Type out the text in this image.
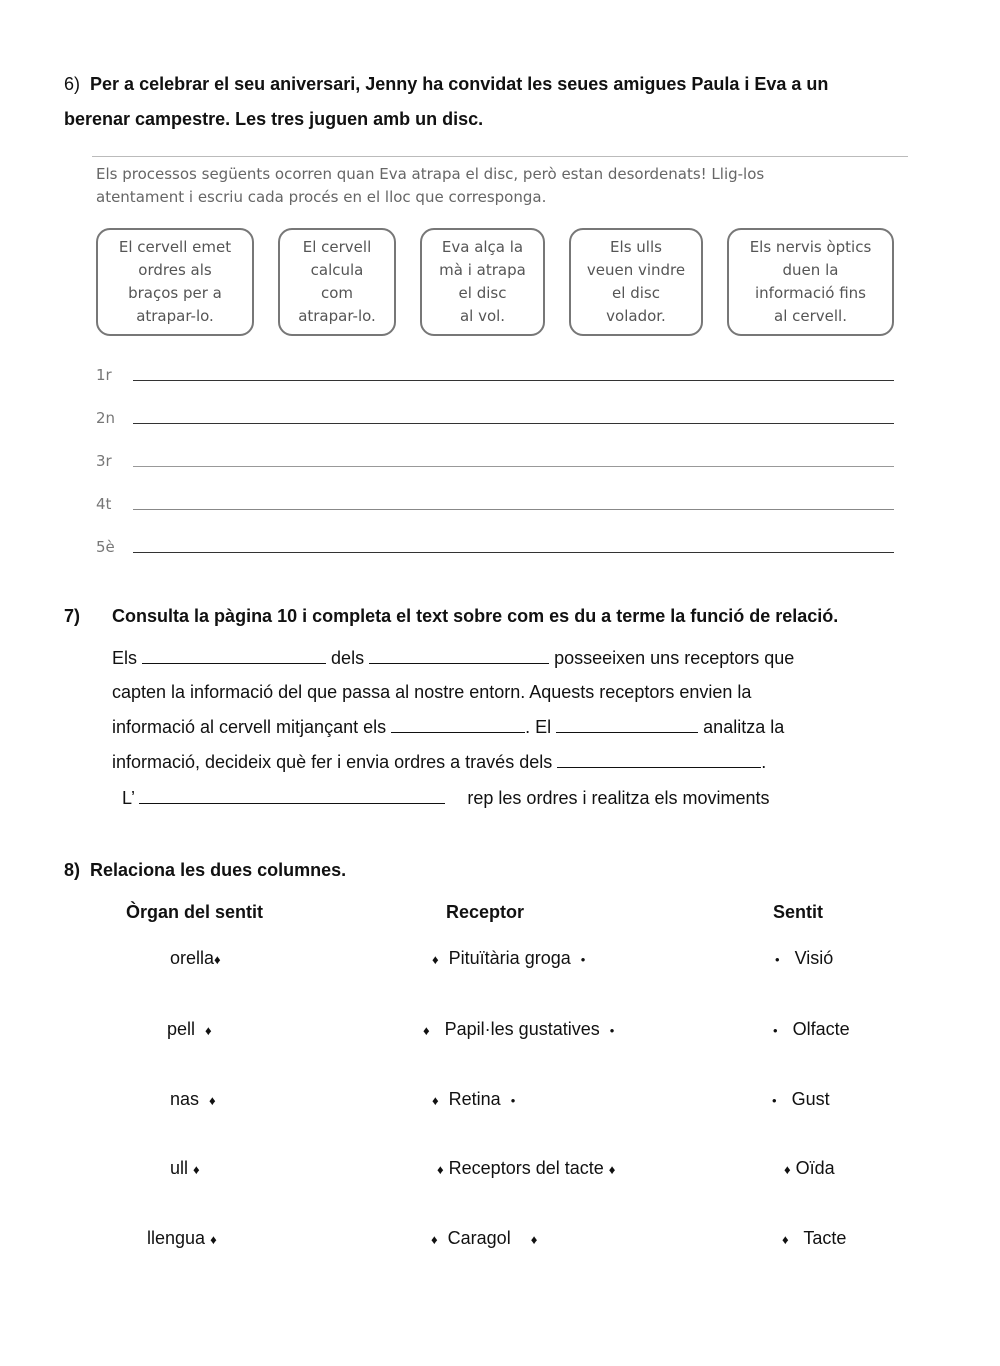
6) Per a celebrar el seu aniversari, Jenny ha convidat les seues amigues Paula i Eva a un
berenar campestre. Les tres juguen amb un disc.
Els processos següents ocorren quan Eva atrapa el disc, però estan desordenats! Llig-los
atentament i escriu cada procés en el lloc que corresponga.
El cervell emet
ordres als
braços per a
atrapar-lo.
El cervell
calcula
com
atrapar-lo.
Eva alça la
mà i atrapa
el disc
al vol.
Els ulls
veuen vindre
el disc
volador.
Els nervis òptics
duen la
informació fins
al cervell.
1r
2n
3r
4t
5è
7) Consulta la pàgina 10 i completa el text sobre com es du a terme la funció de relació.
Els	dels	posseeixen uns receptors que
capten la informació del que passa al nostre entorn. Aquests receptors envien la
informació al cervell mitjançant els	. El	analitza la
informació, decideix què fer i envia ordres a través dels	.
L’	rep les ordres i realitza els moviments
8) Relaciona les dues columnes.
Òrgan del sentit	Receptor	Sentit
orella♦	♦ Pituïtària groga •	• Visió
pell ♦	♦ Papil·les gustatives •	• Olfacte
nas ♦	♦ Retina •	• Gust
ull ♦	♦ Receptors del tacte ♦	♦ Oïda
llengua ♦	♦ Caragol ♦	♦ Tacte
